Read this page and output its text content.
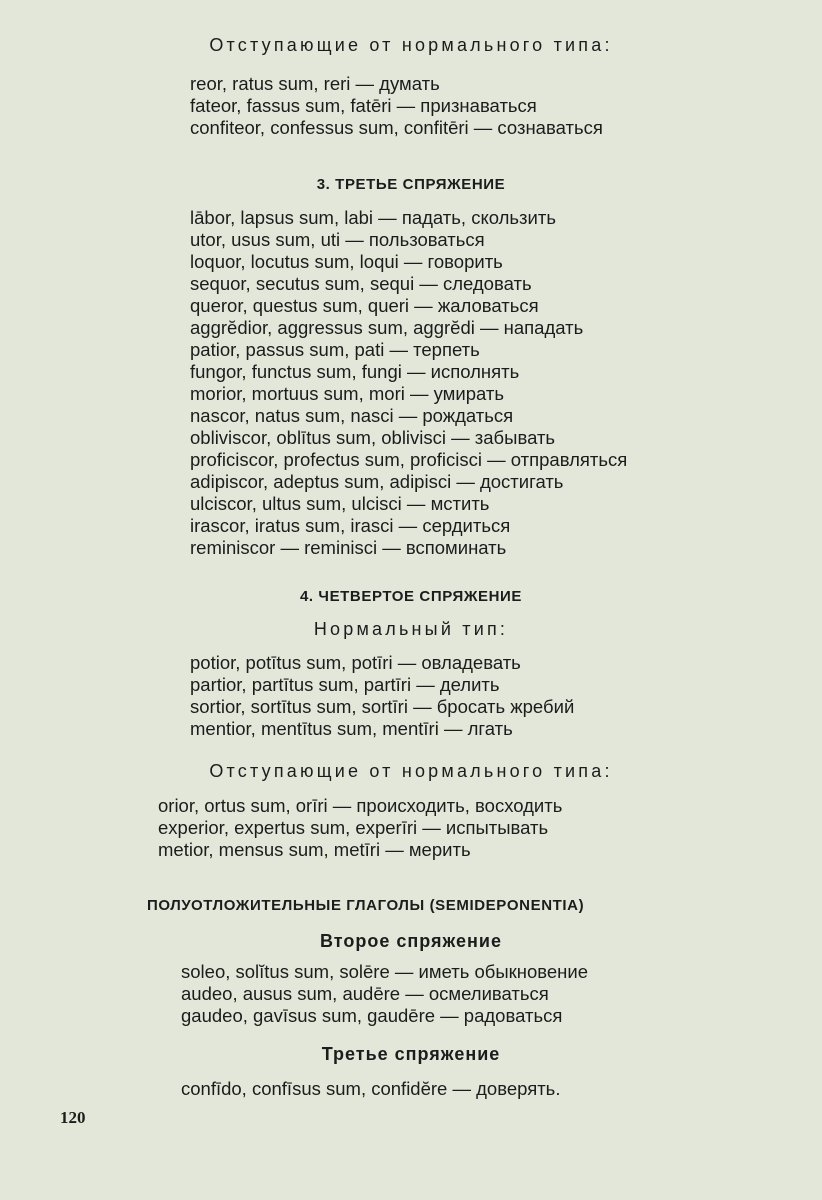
Отступающие от нормального типа:
reor, ratus sum, reri — думать
fateor, fassus sum, fatēri — признаваться
confiteor, confessus sum, confitēri — сознаваться
3. ТРЕТЬЕ СПРЯЖЕНИЕ
lābor, lapsus sum, labi — падать, скользить
utor, usus sum, uti — пользоваться
loquor, locutus sum, loqui — говорить
sequor, secutus sum, sequi — следовать
queror, questus sum, queri — жаловаться
aggrĕdior, aggressus sum, aggrĕdi — нападать
patior, passus sum, pati — терпеть
fungor, functus sum, fungi — исполнять
morior, mortuus sum, mori — умирать
nascor, natus sum, nasci — рождаться
obliviscor, oblītus sum, oblivisci — забывать
proficiscor, profectus sum, proficisci — отправляться
adipiscor, adeptus sum, adipisci — достигать
ulciscor, ultus sum, ulcisci — мстить
irascor, iratus sum, irasci — сердиться
reminiscor — reminisci — вспоминать
4. ЧЕТВЕРТОЕ СПРЯЖЕНИЕ
Нормальный тип:
potior, potītus sum, potīri — овладевать
partior, partītus sum, partīri — делить
sortior, sortītus sum, sortīri — бросать жребий
mentior, mentītus sum, mentīri — лгать
Отступающие от нормального типа:
orior, ortus sum, orīri — происходить, восходить
experior, expertus sum, experīri — испытывать
metior, mensus sum, metīri — мерить
ПОЛУОТЛОЖИТЕЛЬНЫЕ ГЛАГОЛЫ (SEMIDEPONENTIA)
Второе спряжение
soleo, solĭtus sum, solēre — иметь обыкновение
audeo, ausus sum, audēre — осмеливаться
gaudeo, gavīsus sum, gaudēre — радоваться
Третье спряжение
confīdo, confīsus sum, confidĕre — доверять.
120
